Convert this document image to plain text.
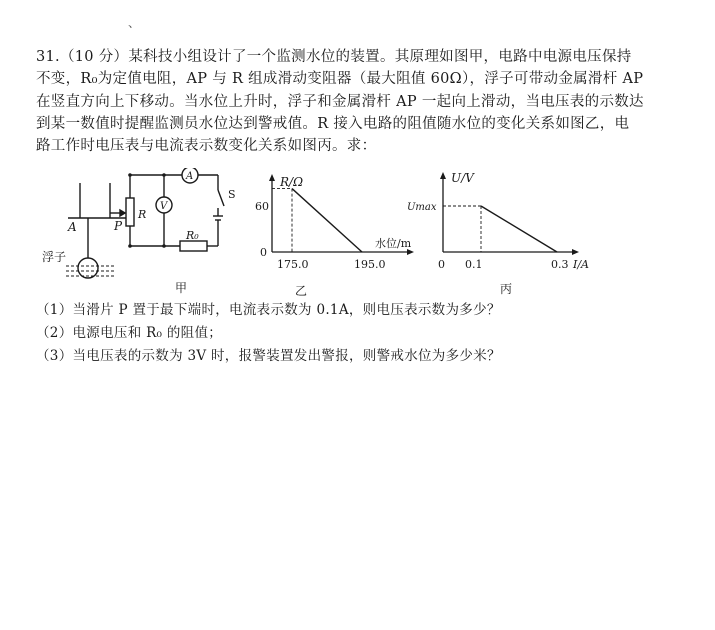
、
31.（10 分）某科技小组设计了一个监测水位的装置。其原理如图甲，电路中电源电压保持
不变，R₀为定值电阻，AP 与 R 组成滑动变阻器（最大阻值 60Ω），浮子可带动金属滑杆 AP
在竖直方向上下移动。当水位上升时，浮子和金属滑杆 AP 一起向上滑动，当电压表的示数达
到某一数值时提醒监测员水位达到警戒值。R 接入电路的阻值随水位的变化关系如图乙，电
路工作时电压表与电流表示数变化关系如图丙。求：
A	P
R
V
A
S
R₀
浮子
甲
R/Ω
水位/m
60
0
175.0	195.0
乙
U/V
Umax
0 0.1	0.3 I/A
丙
（1）当滑片 P 置于最下端时，电流表示数为 0.1A，则电压表示数为多少？
（2）电源电压和 R₀ 的阻值；
（3）当电压表的示数为 3V 时，报警装置发出警报，则警戒水位为多少米？
